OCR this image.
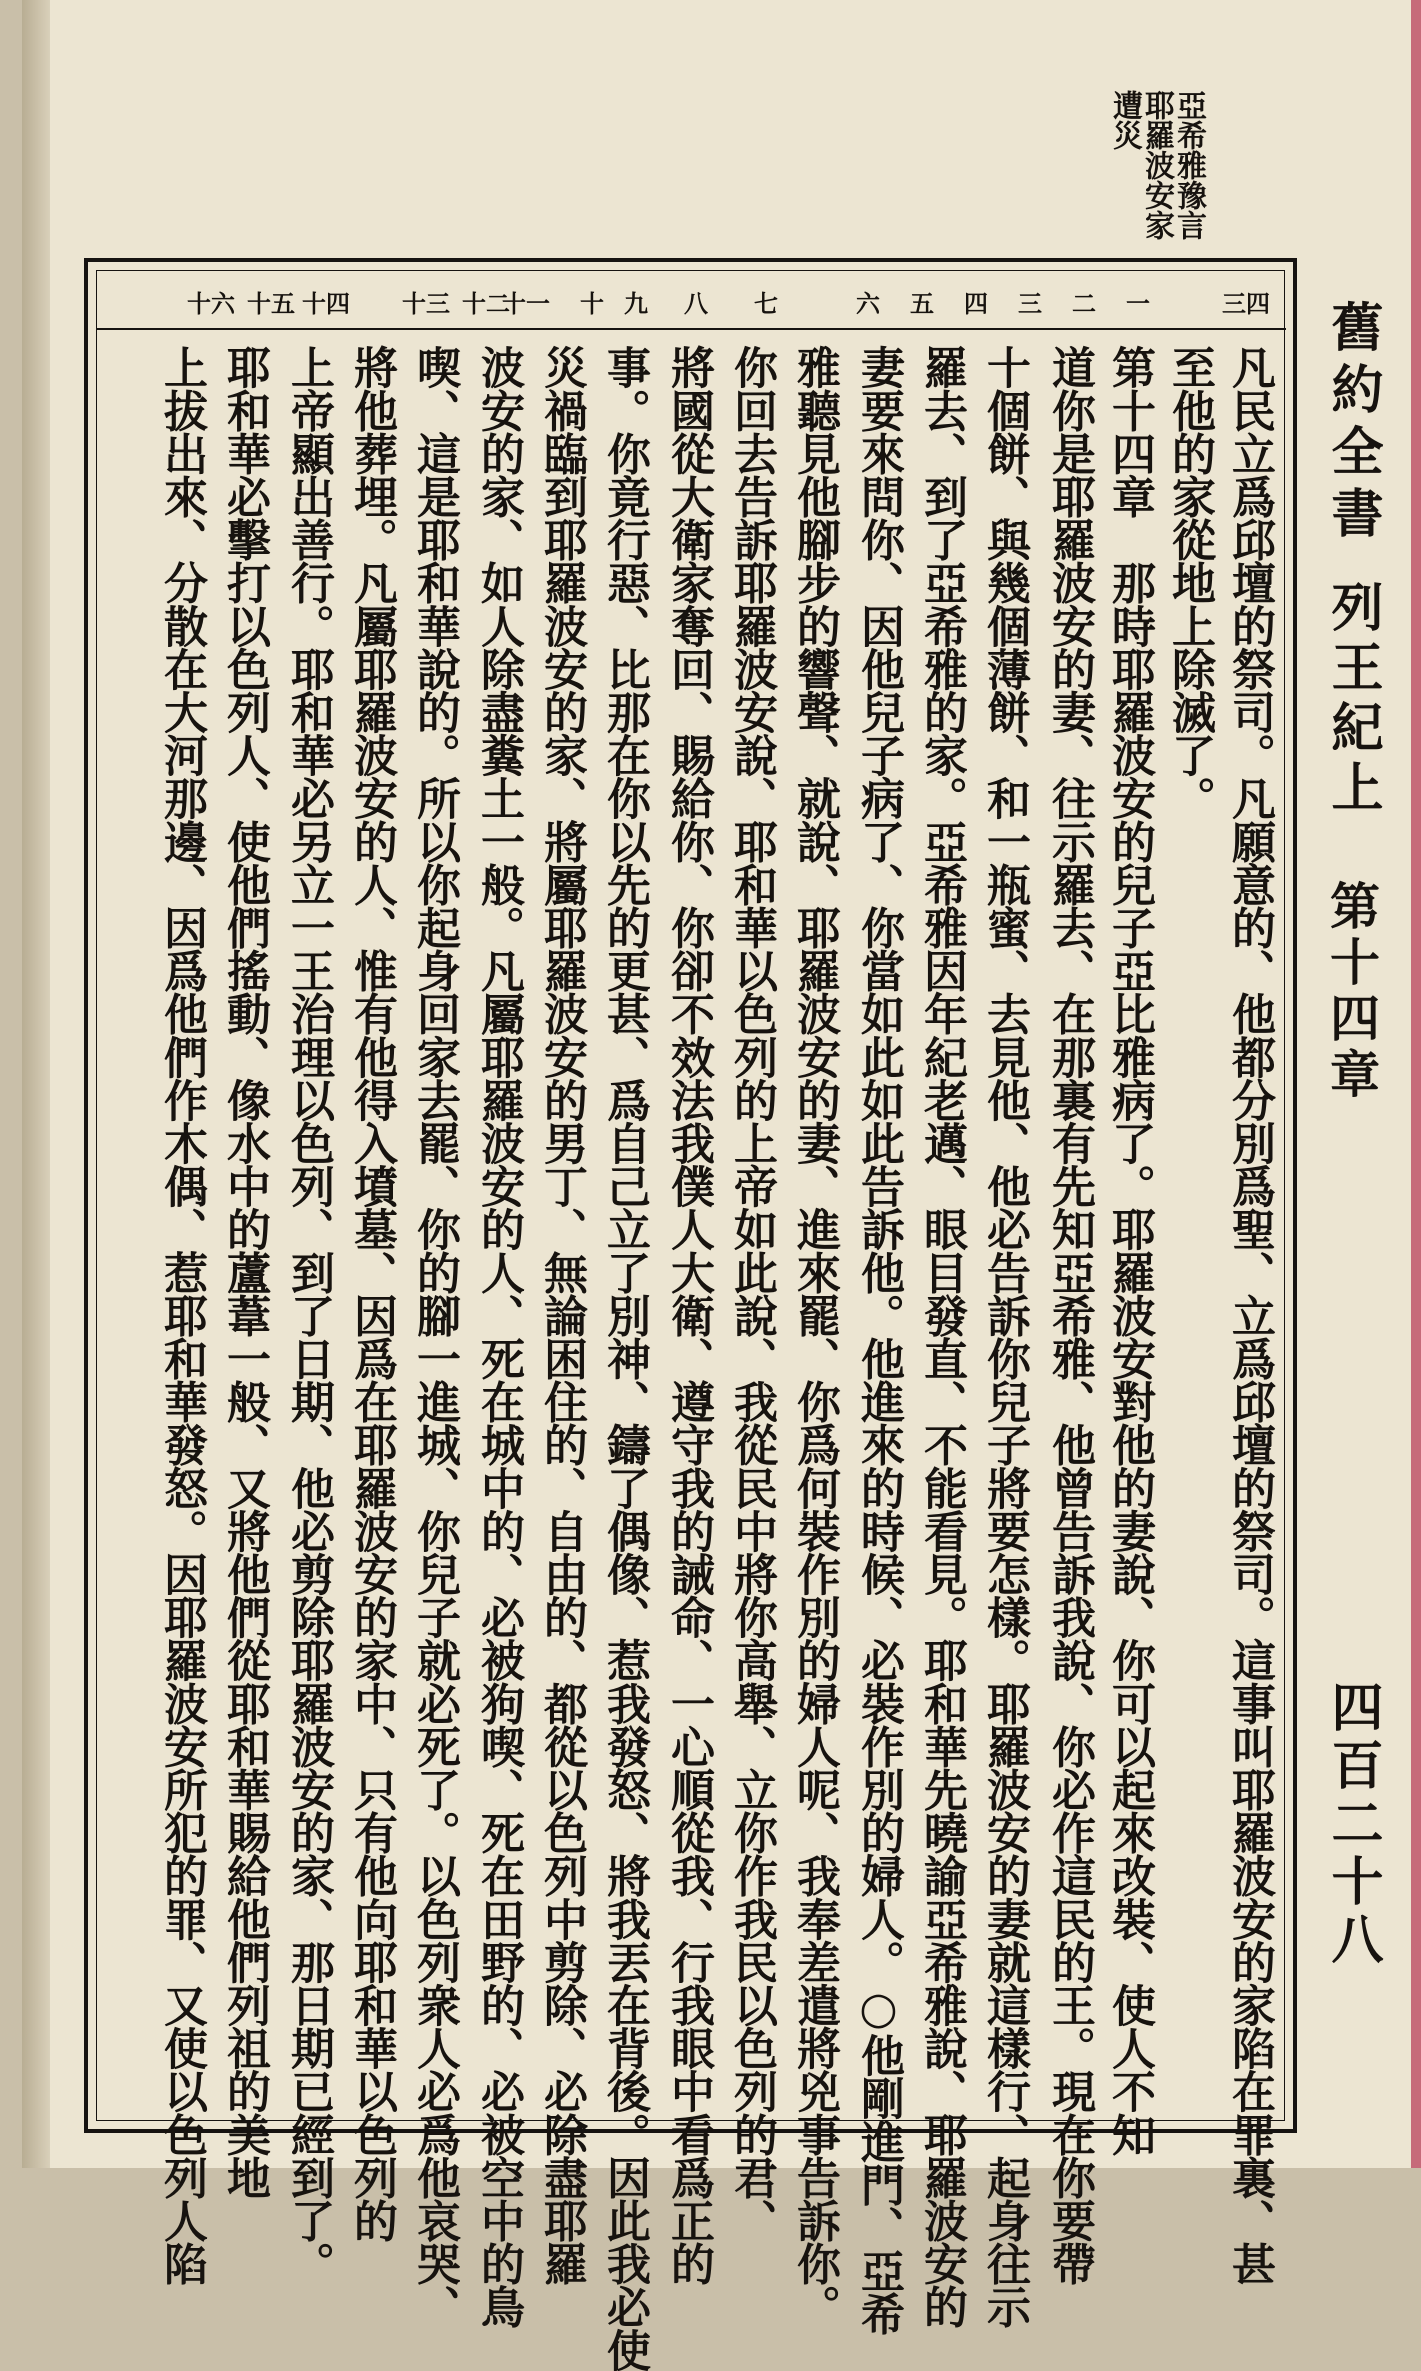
亞希雅豫言
耶羅波安家
遭災
舊約全書
列王紀上
第十四章
四百二十八
三四
一
二
三
四
五
六
七
八
九
十
十一
十二
十三
十四
十五
十六
凡民立爲邱壇的祭司。凡願意的、他都分別爲聖、立爲邱壇的祭司。這事叫耶羅波安的家陷在罪裏、甚
至他的家從地上除滅了。
第十四章　那時耶羅波安的兒子亞比雅病了。耶羅波安對他的妻說、你可以起來改裝、使人不知
道你是耶羅波安的妻、往示羅去、在那裏有先知亞希雅、他曾告訴我說、你必作這民的王。現在你要帶
十個餅、與幾個薄餅、和一瓶蜜、去見他、他必告訴你兒子將要怎樣。耶羅波安的妻就這樣行、起身往示
羅去、到了亞希雅的家。亞希雅因年紀老邁、眼目發直、不能看見。耶和華先曉諭亞希雅說、耶羅波安的
妻要來問你、因他兒子病了、你當如此如此告訴他。他進來的時候、必裝作別的婦人。○他剛進門、亞希
雅聽見他腳步的響聲、就說、耶羅波安的妻、進來罷、你爲何裝作別的婦人呢、我奉差遣將兇事告訴你。
你回去告訴耶羅波安說、耶和華以色列的上帝如此說、我從民中將你高舉、立你作我民以色列的君、
將國從大衛家奪回、賜給你、你卻不效法我僕人大衛、遵守我的誡命、一心順從我、行我眼中看爲正的
事。你竟行惡、比那在你以先的更甚、爲自己立了別神、鑄了偶像、惹我發怒、將我丟在背後。因此我必使
災禍臨到耶羅波安的家、將屬耶羅波安的男丁、無論困住的、自由的、都從以色列中剪除、必除盡耶羅
波安的家、如人除盡糞土一般。凡屬耶羅波安的人、死在城中的、必被狗喫、死在田野的、必被空中的鳥
喫、這是耶和華說的。所以你起身回家去罷、你的腳一進城、你兒子就必死了。以色列衆人必爲他哀哭、
將他葬埋。凡屬耶羅波安的人、惟有他得入墳墓、因爲在耶羅波安的家中、只有他向耶和華以色列的
上帝顯出善行。耶和華必另立一王治理以色列、到了日期、他必剪除耶羅波安的家、那日期已經到了。
耶和華必擊打以色列人、使他們搖動、像水中的蘆葦一般、又將他們從耶和華賜給他們列祖的美地
上拔出來、分散在大河那邊、因爲他們作木偶、惹耶和華發怒。因耶羅波安所犯的罪、又使以色列人陷
